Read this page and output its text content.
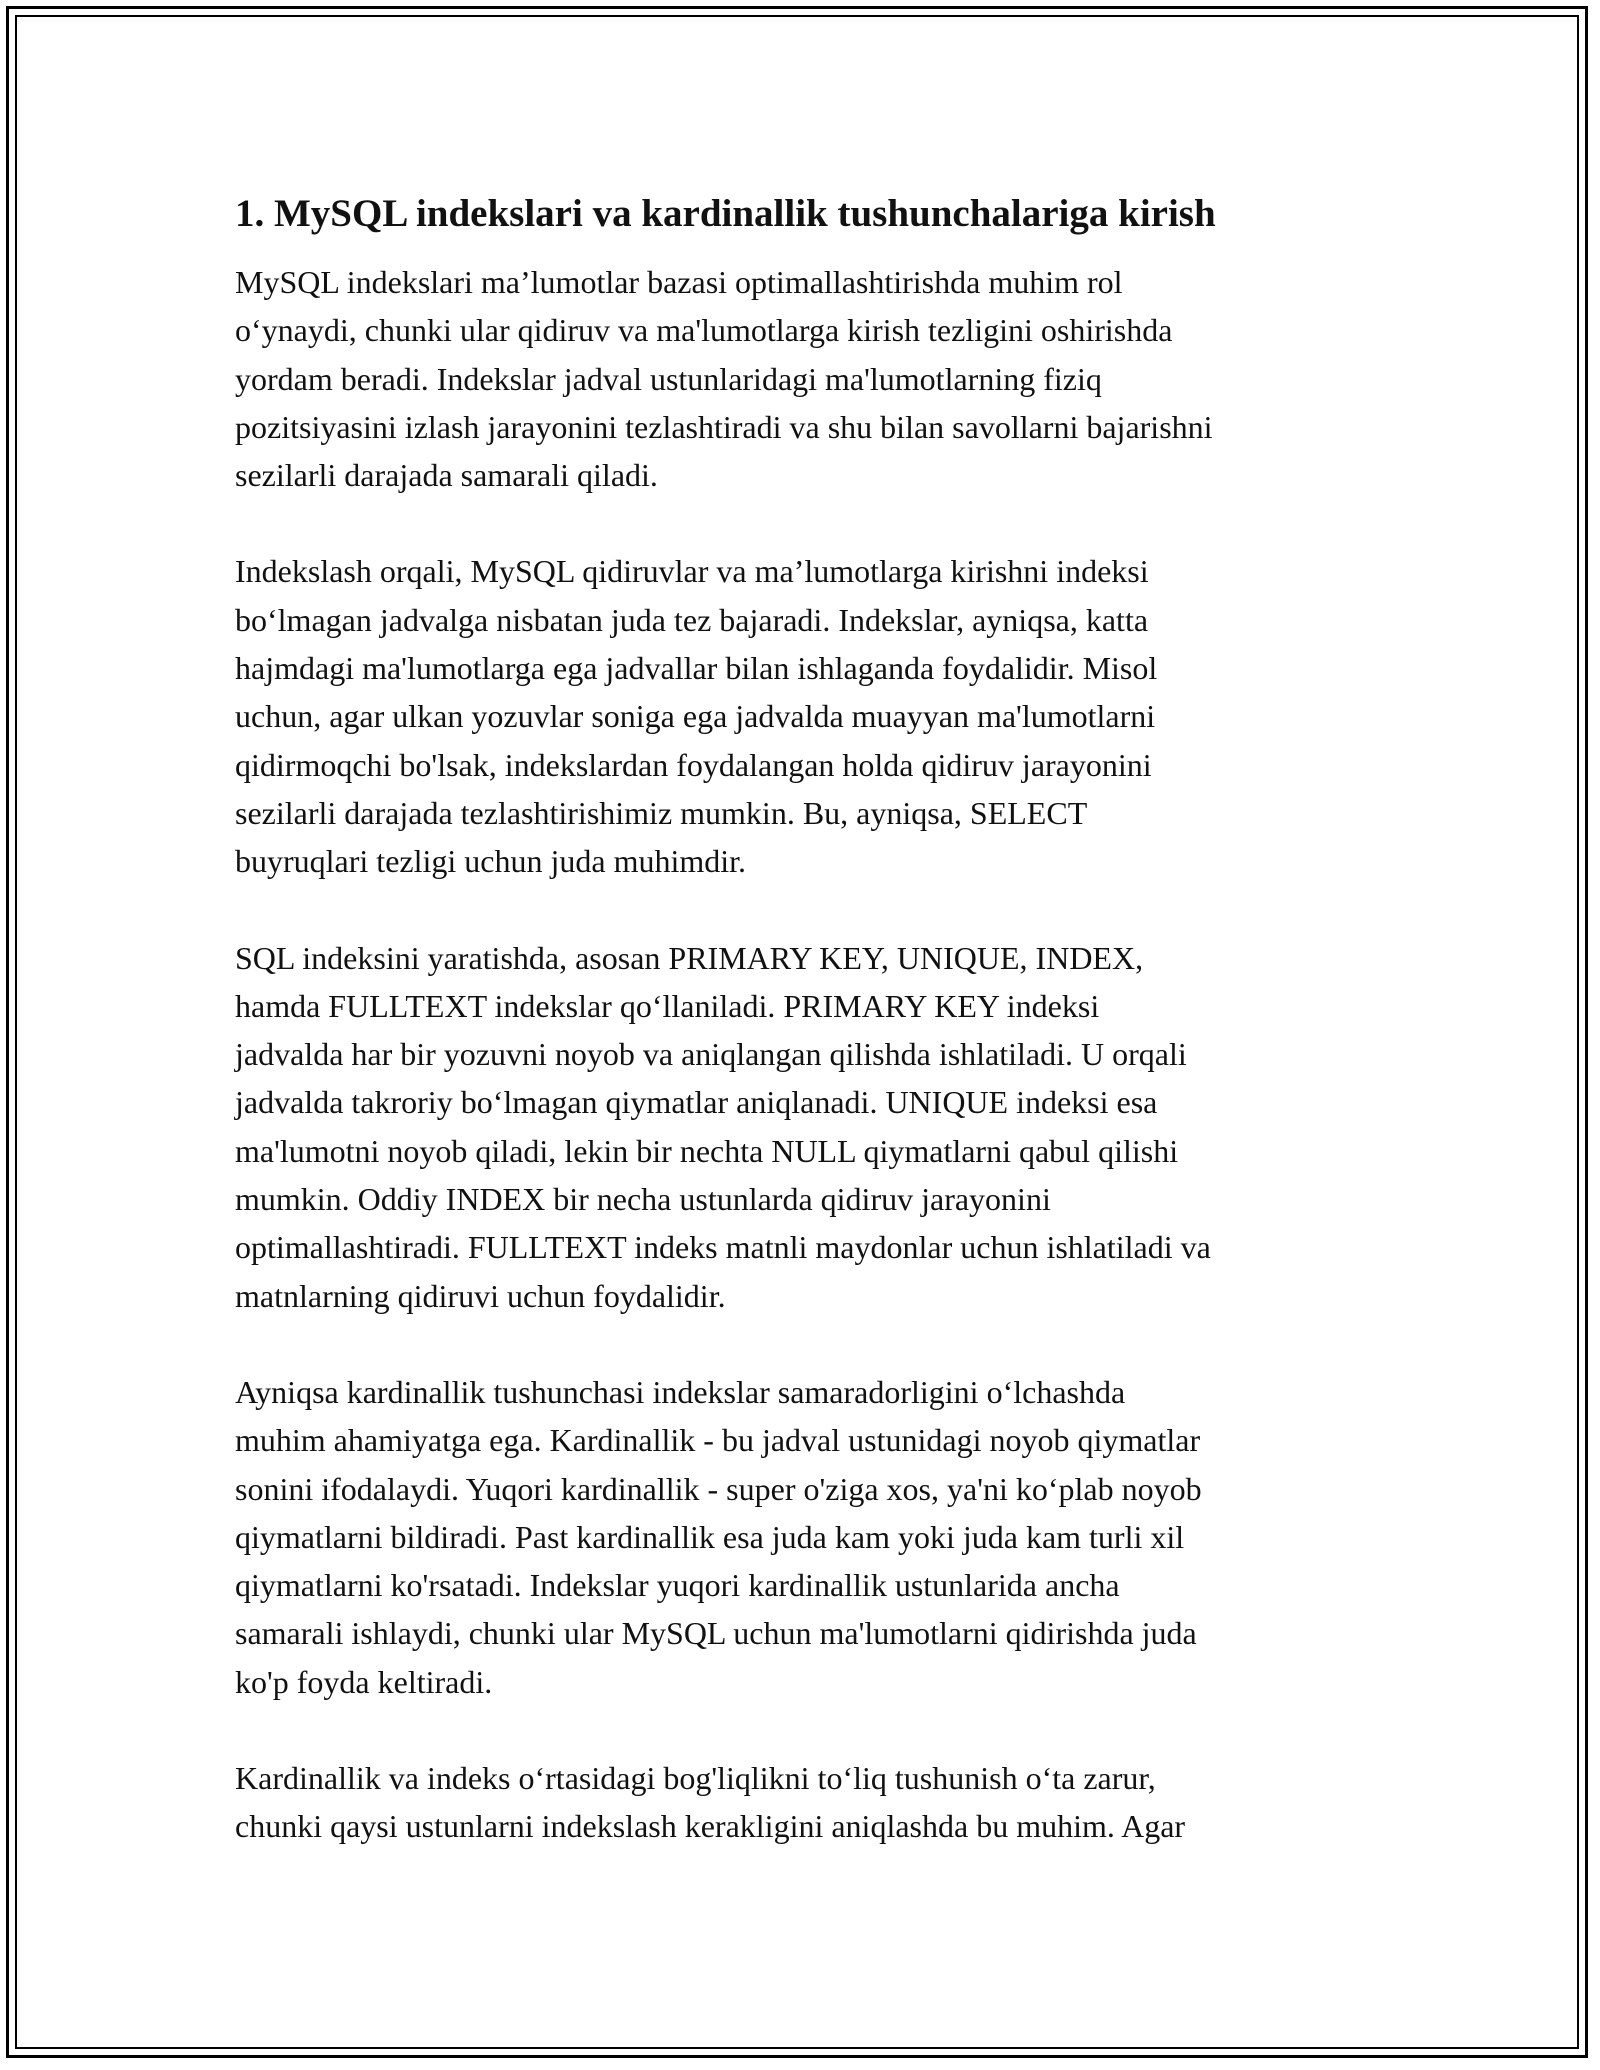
1. MySQL indekslari va kardinallik tushunchalariga kirish

MySQL indekslari ma’lumotlar bazasi optimallashtirishda muhim rol
o‘ynaydi, chunki ular qidiruv va ma'lumotlarga kirish tezligini oshirishda
yordam beradi. Indekslar jadval ustunlaridagi ma'lumotlarning fiziq
pozitsiyasini izlash jarayonini tezlashtiradi va shu bilan savollarni bajarishni
sezilarli darajada samarali qiladi.

Indekslash orqali, MySQL qidiruvlar va ma’lumotlarga kirishni indeksi
bo‘lmagan jadvalga nisbatan juda tez bajaradi. Indekslar, ayniqsa, katta
hajmdagi ma'lumotlarga ega jadvallar bilan ishlaganda foydalidir. Misol
uchun, agar ulkan yozuvlar soniga ega jadvalda muayyan ma'lumotlarni
qidirmoqchi bo'lsak, indekslardan foydalangan holda qidiruv jarayonini
sezilarli darajada tezlashtirishimiz mumkin. Bu, ayniqsa, SELECT
buyruqlari tezligi uchun juda muhimdir.

SQL indeksini yaratishda, asosan PRIMARY KEY, UNIQUE, INDEX,
hamda FULLTEXT indekslar qo‘llaniladi. PRIMARY KEY indeksi
jadvalda har bir yozuvni noyob va aniqlangan qilishda ishlatiladi. U orqali
jadvalda takroriy bo‘lmagan qiymatlar aniqlanadi. UNIQUE indeksi esa
ma'lumotni noyob qiladi, lekin bir nechta NULL qiymatlarni qabul qilishi
mumkin. Oddiy INDEX bir necha ustunlarda qidiruv jarayonini
optimallashtiradi. FULLTEXT indeks matnli maydonlar uchun ishlatiladi va
matnlarning qidiruvi uchun foydalidir.

Ayniqsa kardinallik tushunchasi indekslar samaradorligini o‘lchashda
muhim ahamiyatga ega. Kardinallik - bu jadval ustunidagi noyob qiymatlar
sonini ifodalaydi. Yuqori kardinallik - super o'ziga xos, ya'ni ko‘plab noyob
qiymatlarni bildiradi. Past kardinallik esa juda kam yoki juda kam turli xil
qiymatlarni ko'rsatadi. Indekslar yuqori kardinallik ustunlarida ancha
samarali ishlaydi, chunki ular MySQL uchun ma'lumotlarni qidirishda juda
ko'p foyda keltiradi.

Kardinallik va indeks o‘rtasidagi bog'liqlikni to‘liq tushunish o‘ta zarur,
chunki qaysi ustunlarni indekslash kerakligini aniqlashda bu muhim. Agar
